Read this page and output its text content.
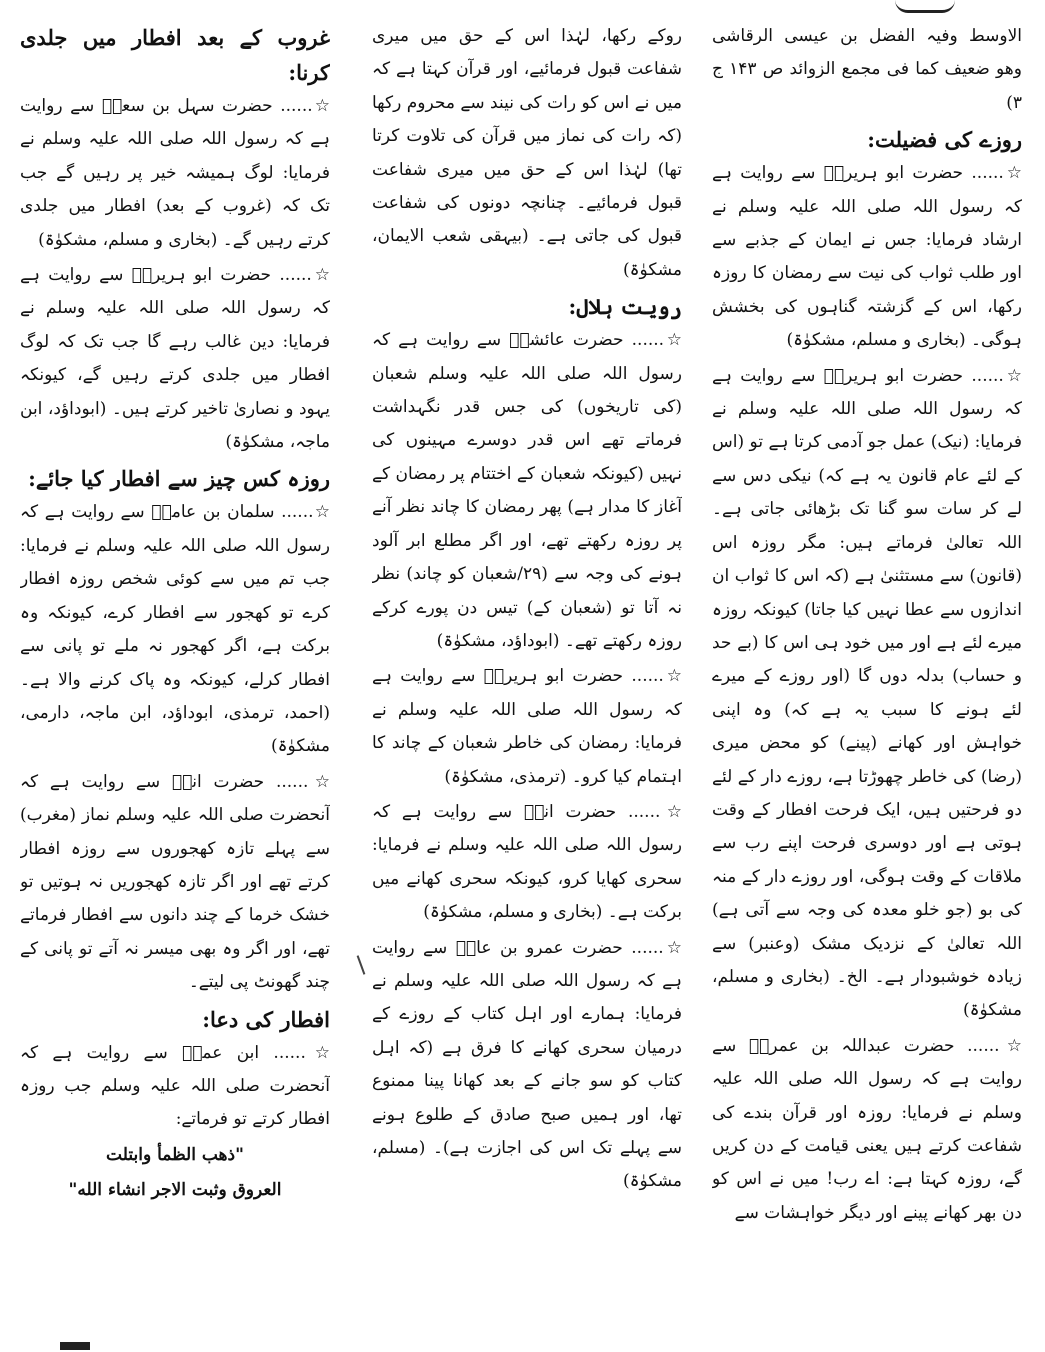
الاوسط وفیہ الفضل بن عیسی الرقاشی وھو ضعیف کما فی مجمع الزوائد ص ۱۴۳ ج ۳)

روزے کی فضیلت:

☆...... حضرت ابو ہریرہؓ سے روایت ہے کہ رسول اللہ صلی اللہ علیہ وسلم نے ارشاد فرمایا: جس نے ایمان کے جذبے سے اور طلب ثواب کی نیت سے رمضان کا روزہ رکھا، اس کے گزشتہ گناہوں کی بخشش ہوگی۔ (بخاری و مسلم، مشکوٰۃ)

☆...... حضرت ابو ہریرہؓ سے روایت ہے کہ رسول اللہ صلی اللہ علیہ وسلم نے فرمایا: (نیک) عمل جو آدمی کرتا ہے تو (اس کے لئے عام قانون یہ ہے کہ) نیکی دس سے لے کر سات سو گنا تک بڑھائی جاتی ہے۔ اللہ تعالیٰ فرماتے ہیں: مگر روزہ اس (قانون) سے مستثنیٰ ہے (کہ اس کا ثواب ان اندازوں سے عطا نہیں کیا جاتا) کیونکہ روزہ میرے لئے ہے اور میں خود ہی اس کا (بے حد و حساب) بدلہ دوں گا (اور روزے کے میرے لئے ہونے کا سبب یہ ہے کہ) وہ اپنی خواہش اور کھانے (پینے) کو محض میری (رضا) کی خاطر چھوڑتا ہے، روزے دار کے لئے دو فرحتیں ہیں، ایک فرحت افطار کے وقت ہوتی ہے اور دوسری فرحت اپنے رب سے ملاقات کے وقت ہوگی، اور روزے دار کے منہ کی بو (جو خلو معدہ کی وجہ سے آتی ہے) اللہ تعالیٰ کے نزدیک مشک (وعنبر) سے زیادہ خوشبودار ہے۔ الخ۔ (بخاری و مسلم، مشکوٰۃ)

☆...... حضرت عبداللہ بن عمروؓ سے روایت ہے کہ رسول اللہ صلی اللہ علیہ وسلم نے فرمایا: روزہ اور قرآن بندے کی شفاعت کرتے ہیں یعنی قیامت کے دن کریں گے، روزہ کہتا ہے: اے رب! میں نے اس کو دن بھر کھانے پینے اور دیگر خواہشات سے

روکے رکھا، لہٰذا اس کے حق میں میری شفاعت قبول فرمائیے، اور قرآن کہتا ہے کہ میں نے اس کو رات کی نیند سے محروم رکھا (کہ رات کی نماز میں قرآن کی تلاوت کرتا تھا) لہٰذا اس کے حق میں میری شفاعت قبول فرمائیے۔ چنانچہ دونوں کی شفاعت قبول کی جاتی ہے۔ (بیہقی شعب الایمان، مشکوٰۃ)

رویت ہلال:

☆...... حضرت عائشہؓ سے روایت ہے کہ رسول اللہ صلی اللہ علیہ وسلم شعبان (کی تاریخوں) کی جس قدر نگہداشت فرماتے تھے اس قدر دوسرے مہینوں کی نہیں (کیونکہ شعبان کے اختتام پر رمضان کے آغاز کا مدار ہے) پھر رمضان کا چاند نظر آنے پر روزہ رکھتے تھے، اور اگر مطلع ابر آلود ہونے کی وجہ سے (۲۹/شعبان کو چاند) نظر نہ آتا تو (شعبان کے) تیس دن پورے کرکے روزہ رکھتے تھے۔ (ابوداؤد، مشکوٰۃ)

☆...... حضرت ابو ہریرہؓ سے روایت ہے کہ رسول اللہ صلی اللہ علیہ وسلم نے فرمایا: رمضان کی خاطر شعبان کے چاند کا اہتمام کیا کرو۔ (ترمذی، مشکوٰۃ)

☆...... حضرت انسؓ سے روایت ہے کہ رسول اللہ صلی اللہ علیہ وسلم نے فرمایا: سحری کھایا کرو، کیونکہ سحری کھانے میں برکت ہے۔ (بخاری و مسلم، مشکوٰۃ)

☆...... حضرت عمرو بن عاصؓ سے روایت ہے کہ رسول اللہ صلی اللہ علیہ وسلم نے فرمایا: ہمارے اور اہل کتاب کے روزے کے درمیان سحری کھانے کا فرق ہے (کہ اہل کتاب کو سو جانے کے بعد کھانا پینا ممنوع تھا، اور ہمیں صبح صادق کے طلوع ہونے سے پہلے تک اس کی اجازت ہے)۔ (مسلم، مشکوٰۃ)

غروب کے بعد افطار میں جلدی کرنا:

☆...... حضرت سہل بن سعدؓ سے روایت ہے کہ رسول اللہ صلی اللہ علیہ وسلم نے فرمایا: لوگ ہمیشہ خیر پر رہیں گے جب تک کہ (غروب کے بعد) افطار میں جلدی کرتے رہیں گے۔ (بخاری و مسلم، مشکوٰۃ)

☆...... حضرت ابو ہریرہؓ سے روایت ہے کہ رسول اللہ صلی اللہ علیہ وسلم نے فرمایا: دین غالب رہے گا جب تک کہ لوگ افطار میں جلدی کرتے رہیں گے، کیونکہ یہود و نصاریٰ تاخیر کرتے ہیں۔ (ابوداؤد، ابن ماجہ، مشکوٰۃ)

روزہ کس چیز سے افطار کیا جائے:

☆...... سلمان بن عامرؓ سے روایت ہے کہ رسول اللہ صلی اللہ علیہ وسلم نے فرمایا: جب تم میں سے کوئی شخص روزہ افطار کرے تو کھجور سے افطار کرے، کیونکہ وہ برکت ہے، اگر کھجور نہ ملے تو پانی سے افطار کرلے، کیونکہ وہ پاک کرنے والا ہے۔ (احمد، ترمذی، ابوداؤد، ابن ماجہ، دارمی، مشکوٰۃ)

☆...... حضرت انسؓ سے روایت ہے کہ آنحضرت صلی اللہ علیہ وسلم نماز (مغرب) سے پہلے تازہ کھجوروں سے روزہ افطار کرتے تھے اور اگر تازہ کھجوریں نہ ہوتیں تو خشک خرما کے چند دانوں سے افطار فرماتے تھے، اور اگر وہ بھی میسر نہ آتے تو پانی کے چند گھونٹ پی لیتے۔

افطار کی دعا:

☆...... ابن عمرؓ سے روایت ہے کہ آنحضرت صلی اللہ علیہ وسلم جب روزہ افطار کرتے تو فرماتے:

"ذھب الظمأ وابتلت

العروق وثبت الاجر انشاء الله"
